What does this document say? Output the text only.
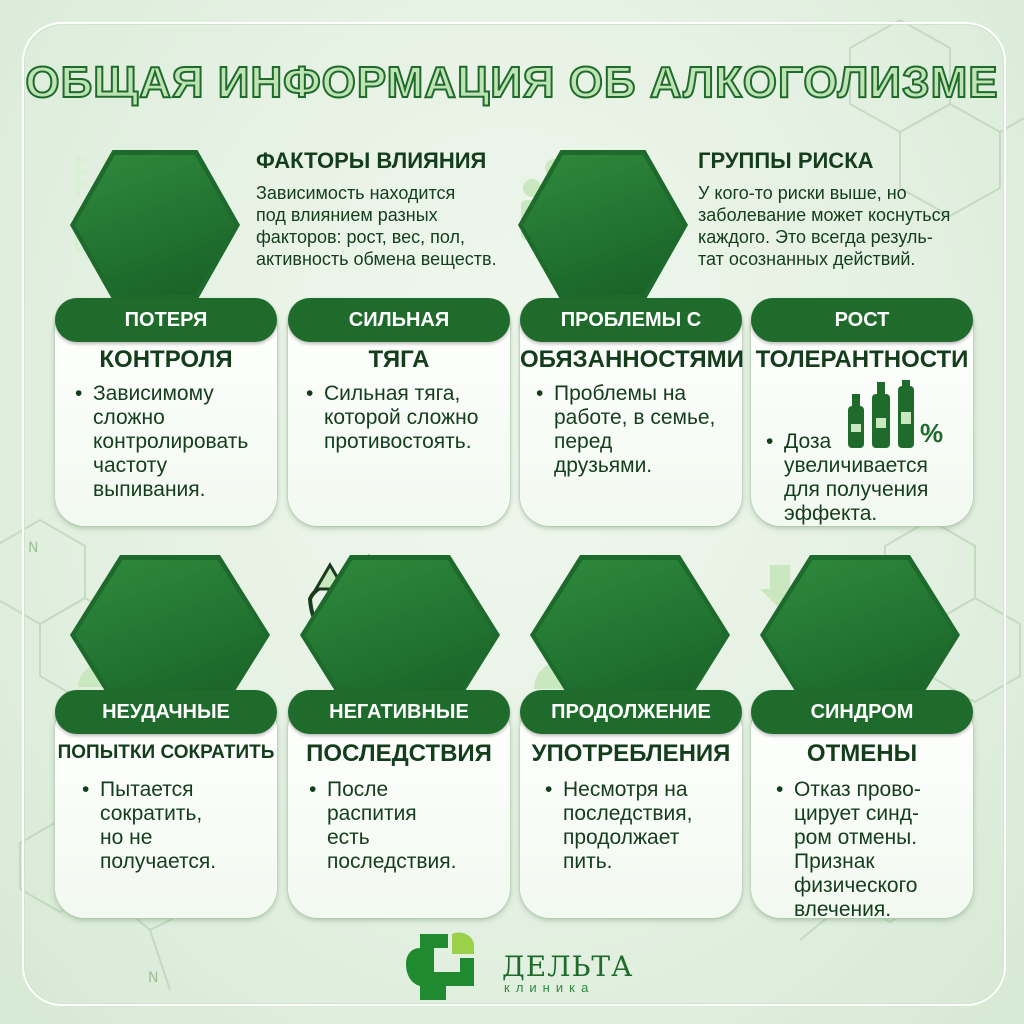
N
N
ОБЩАЯ ИНФОРМАЦИЯ ОБ АЛКОГОЛИЗМЕ
ФАКТОРЫ ВЛИЯНИЯ
Зависимость находится
под влиянием разных
факторов: рост, вес, пол,
активность обмена веществ.
ГРУППЫ РИСКА
У кого-то риски выше, но
заболевание может коснуться
каждого. Это всегда резуль-
тат осознанных действий.
ПОТЕРЯ
КОНТРОЛЯ
• Зависимому
сложно
контролировать
частоту
выпивания.
СИЛЬНАЯ
ТЯГА
• Сильная тяга,
которой сложно
противостоять.
ПРОБЛЕМЫ С
ОБЯЗАННОСТЯМИ
• Проблемы на
работе, в семье,
перед
друзьями.
РОСТ
ТОЛЕРАНТНОСТИ
%
• Доза
увеличивается
для получения
эффекта.
НЕУДАЧНЫЕ
ПОПЫТКИ СОКРАТИТЬ
• Пытается
сократить,
но не
получается.
НЕГАТИВНЫЕ
ПОСЛЕДСТВИЯ
• После
распития
есть
последствия.
ПРОДОЛЖЕНИЕ
УПОТРЕБЛЕНИЯ
• Несмотря на
последствия,
продолжает
пить.
СИНДРОМ
ОТМЕНЫ
• Отказ прово-
цирует синд-
ром отмены.
Признак
физического
влечения.
ДЕЛЬТА
клиника
